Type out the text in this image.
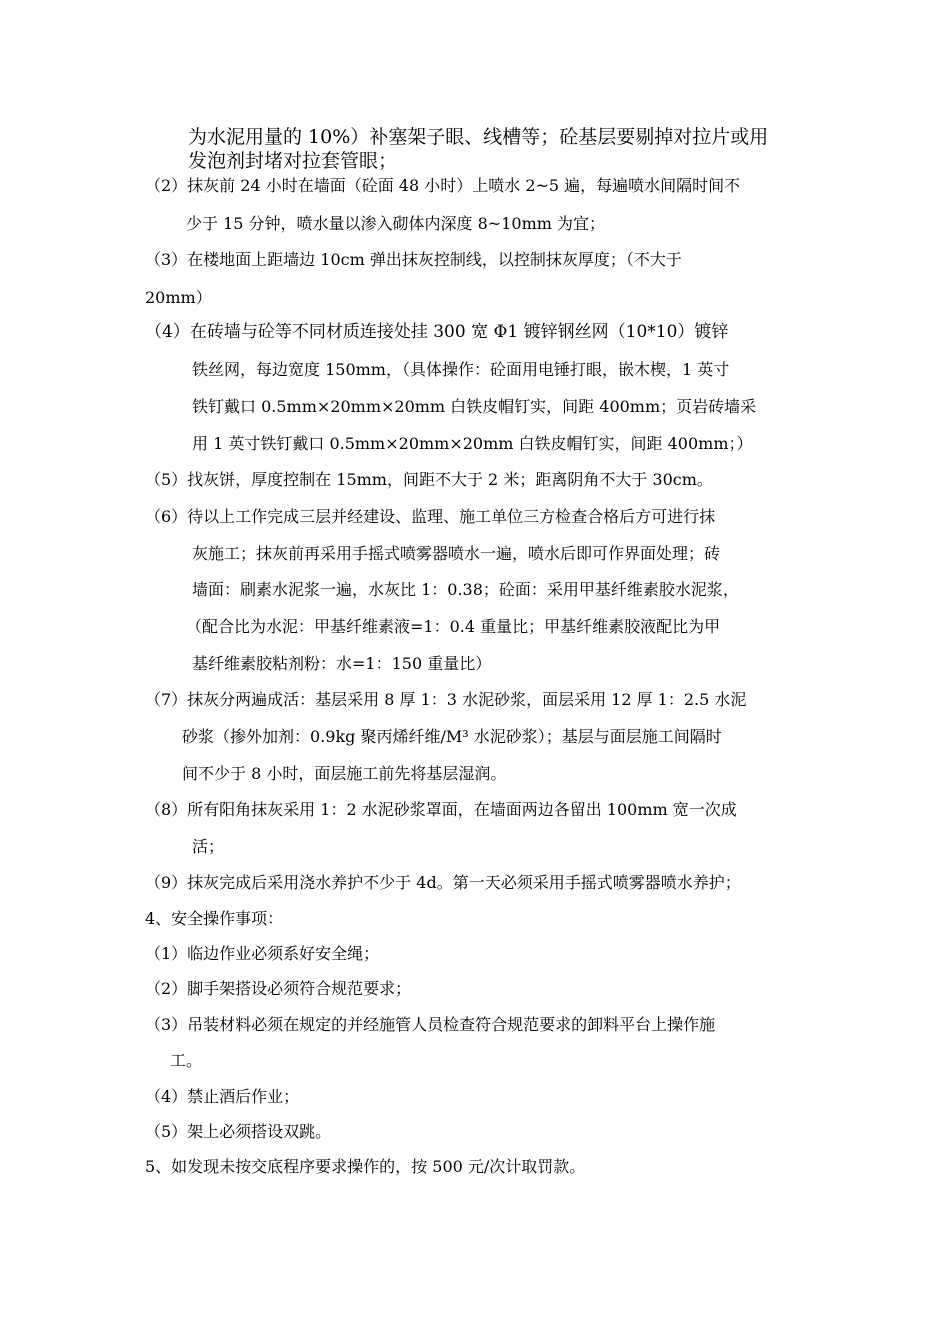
为水泥用量的 10%）补塞架子眼、线槽等；砼基层要剔掉对拉片或用
发泡剂封堵对拉套管眼；
（2）抹灰前 24 小时在墙面（砼面 48 小时）上喷水 2~5 遍，每遍喷水间隔时间不
少于 15 分钟，喷水量以渗入砌体内深度 8~10mm 为宜；
（3）在楼地面上距墙边 10cm 弹出抹灰控制线，以控制抹灰厚度；（不大于
20mm）
（4）在砖墙与砼等不同材质连接处挂 300 宽 Φ1 镀锌钢丝网（10*10）镀锌
铁丝网，每边宽度 150mm，（具体操作：砼面用电锤打眼，嵌木楔，1 英寸
铁钉戴口 0.5mm×20mm×20mm 白铁皮帽钉实，间距 400mm；页岩砖墙采
用 1 英寸铁钉戴口 0.5mm×20mm×20mm 白铁皮帽钉实，间距 400mm；）
（5）找灰饼，厚度控制在 15mm，间距不大于 2 米；距离阴角不大于 30cm。
（6）待以上工作完成三层并经建设、监理、施工单位三方检查合格后方可进行抹
灰施工；抹灰前再采用手摇式喷雾器喷水一遍，喷水后即可作界面处理；砖
墙面：刷素水泥浆一遍，水灰比 1：0.38；砼面：采用甲基纤维素胶水泥浆，
（配合比为水泥：甲基纤维素液=1：0.4 重量比；甲基纤维素胶液配比为甲
基纤维素胶粘剂粉：水=1：150 重量比）
（7）抹灰分两遍成活：基层采用 8 厚 1：3 水泥砂浆，面层采用 12 厚 1：2.5 水泥
砂浆（掺外加剂：0.9kg 聚丙烯纤维/M³ 水泥砂浆）；基层与面层施工间隔时
间不少于 8 小时，面层施工前先将基层湿润。
（8）所有阳角抹灰采用 1：2 水泥砂浆罩面，在墙面两边各留出 100mm 宽一次成
活；
（9）抹灰完成后采用浇水养护不少于 4d。第一天必须采用手摇式喷雾器喷水养护；
4、安全操作事项：
（1）临边作业必须系好安全绳；
（2）脚手架搭设必须符合规范要求；
（3）吊装材料必须在规定的并经施管人员检查符合规范要求的卸料平台上操作施
工。
（4）禁止酒后作业；
（5）架上必须搭设双跳。
5、如发现未按交底程序要求操作的，按 500 元/次计取罚款。
